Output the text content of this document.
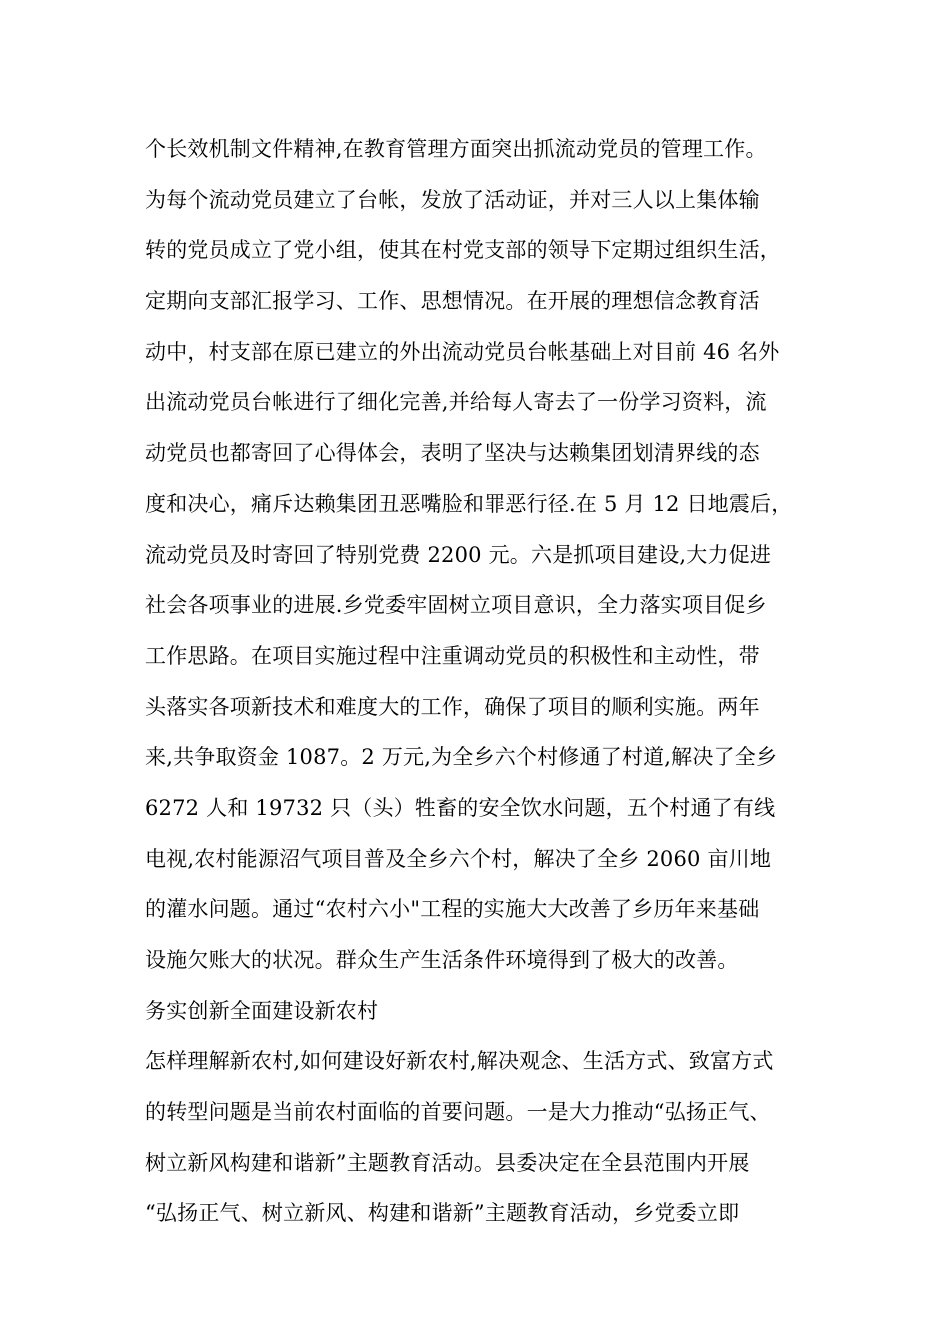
个长效机制文件精神,在教育管理方面突出抓流动党员的管理工作。
为每个流动党员建立了台帐，发放了活动证，并对三人以上集体输
转的党员成立了党小组，使其在村党支部的领导下定期过组织生活，
定期向支部汇报学习、工作、思想情况。在开展的理想信念教育活
动中，村支部在原已建立的外出流动党员台帐基础上对目前 46 名外
出流动党员台帐进行了细化完善,并给每人寄去了一份学习资料，流
动党员也都寄回了心得体会，表明了坚决与达赖集团划清界线的态
度和决心，痛斥达赖集团丑恶嘴脸和罪恶行径.在 5 月 12 日地震后，
流动党员及时寄回了特别党费 2200 元。六是抓项目建设,大力促进
社会各项事业的进展.乡党委牢固树立项目意识，全力落实项目促乡
工作思路。在项目实施过程中注重调动党员的积极性和主动性，带
头落实各项新技术和难度大的工作，确保了项目的顺利实施。两年
来,共争取资金 1087。2 万元,为全乡六个村修通了村道,解决了全乡
6272 人和 19732 只（头）牲畜的安全饮水问题，五个村通了有线
电视,农村能源沼气项目普及全乡六个村，解决了全乡 2060 亩川地
的灌水问题。通过“农村六小"工程的实施大大改善了乡历年来基础
设施欠账大的状况。群众生产生活条件环境得到了极大的改善。
务实创新全面建设新农村
怎样理解新农村,如何建设好新农村,解决观念、生活方式、致富方式
的转型问题是当前农村面临的首要问题。一是大力推动“弘扬正气、
树立新风构建和谐新”主题教育活动。县委决定在全县范围内开展
“弘扬正气、树立新风、构建和谐新”主题教育活动，乡党委立即
